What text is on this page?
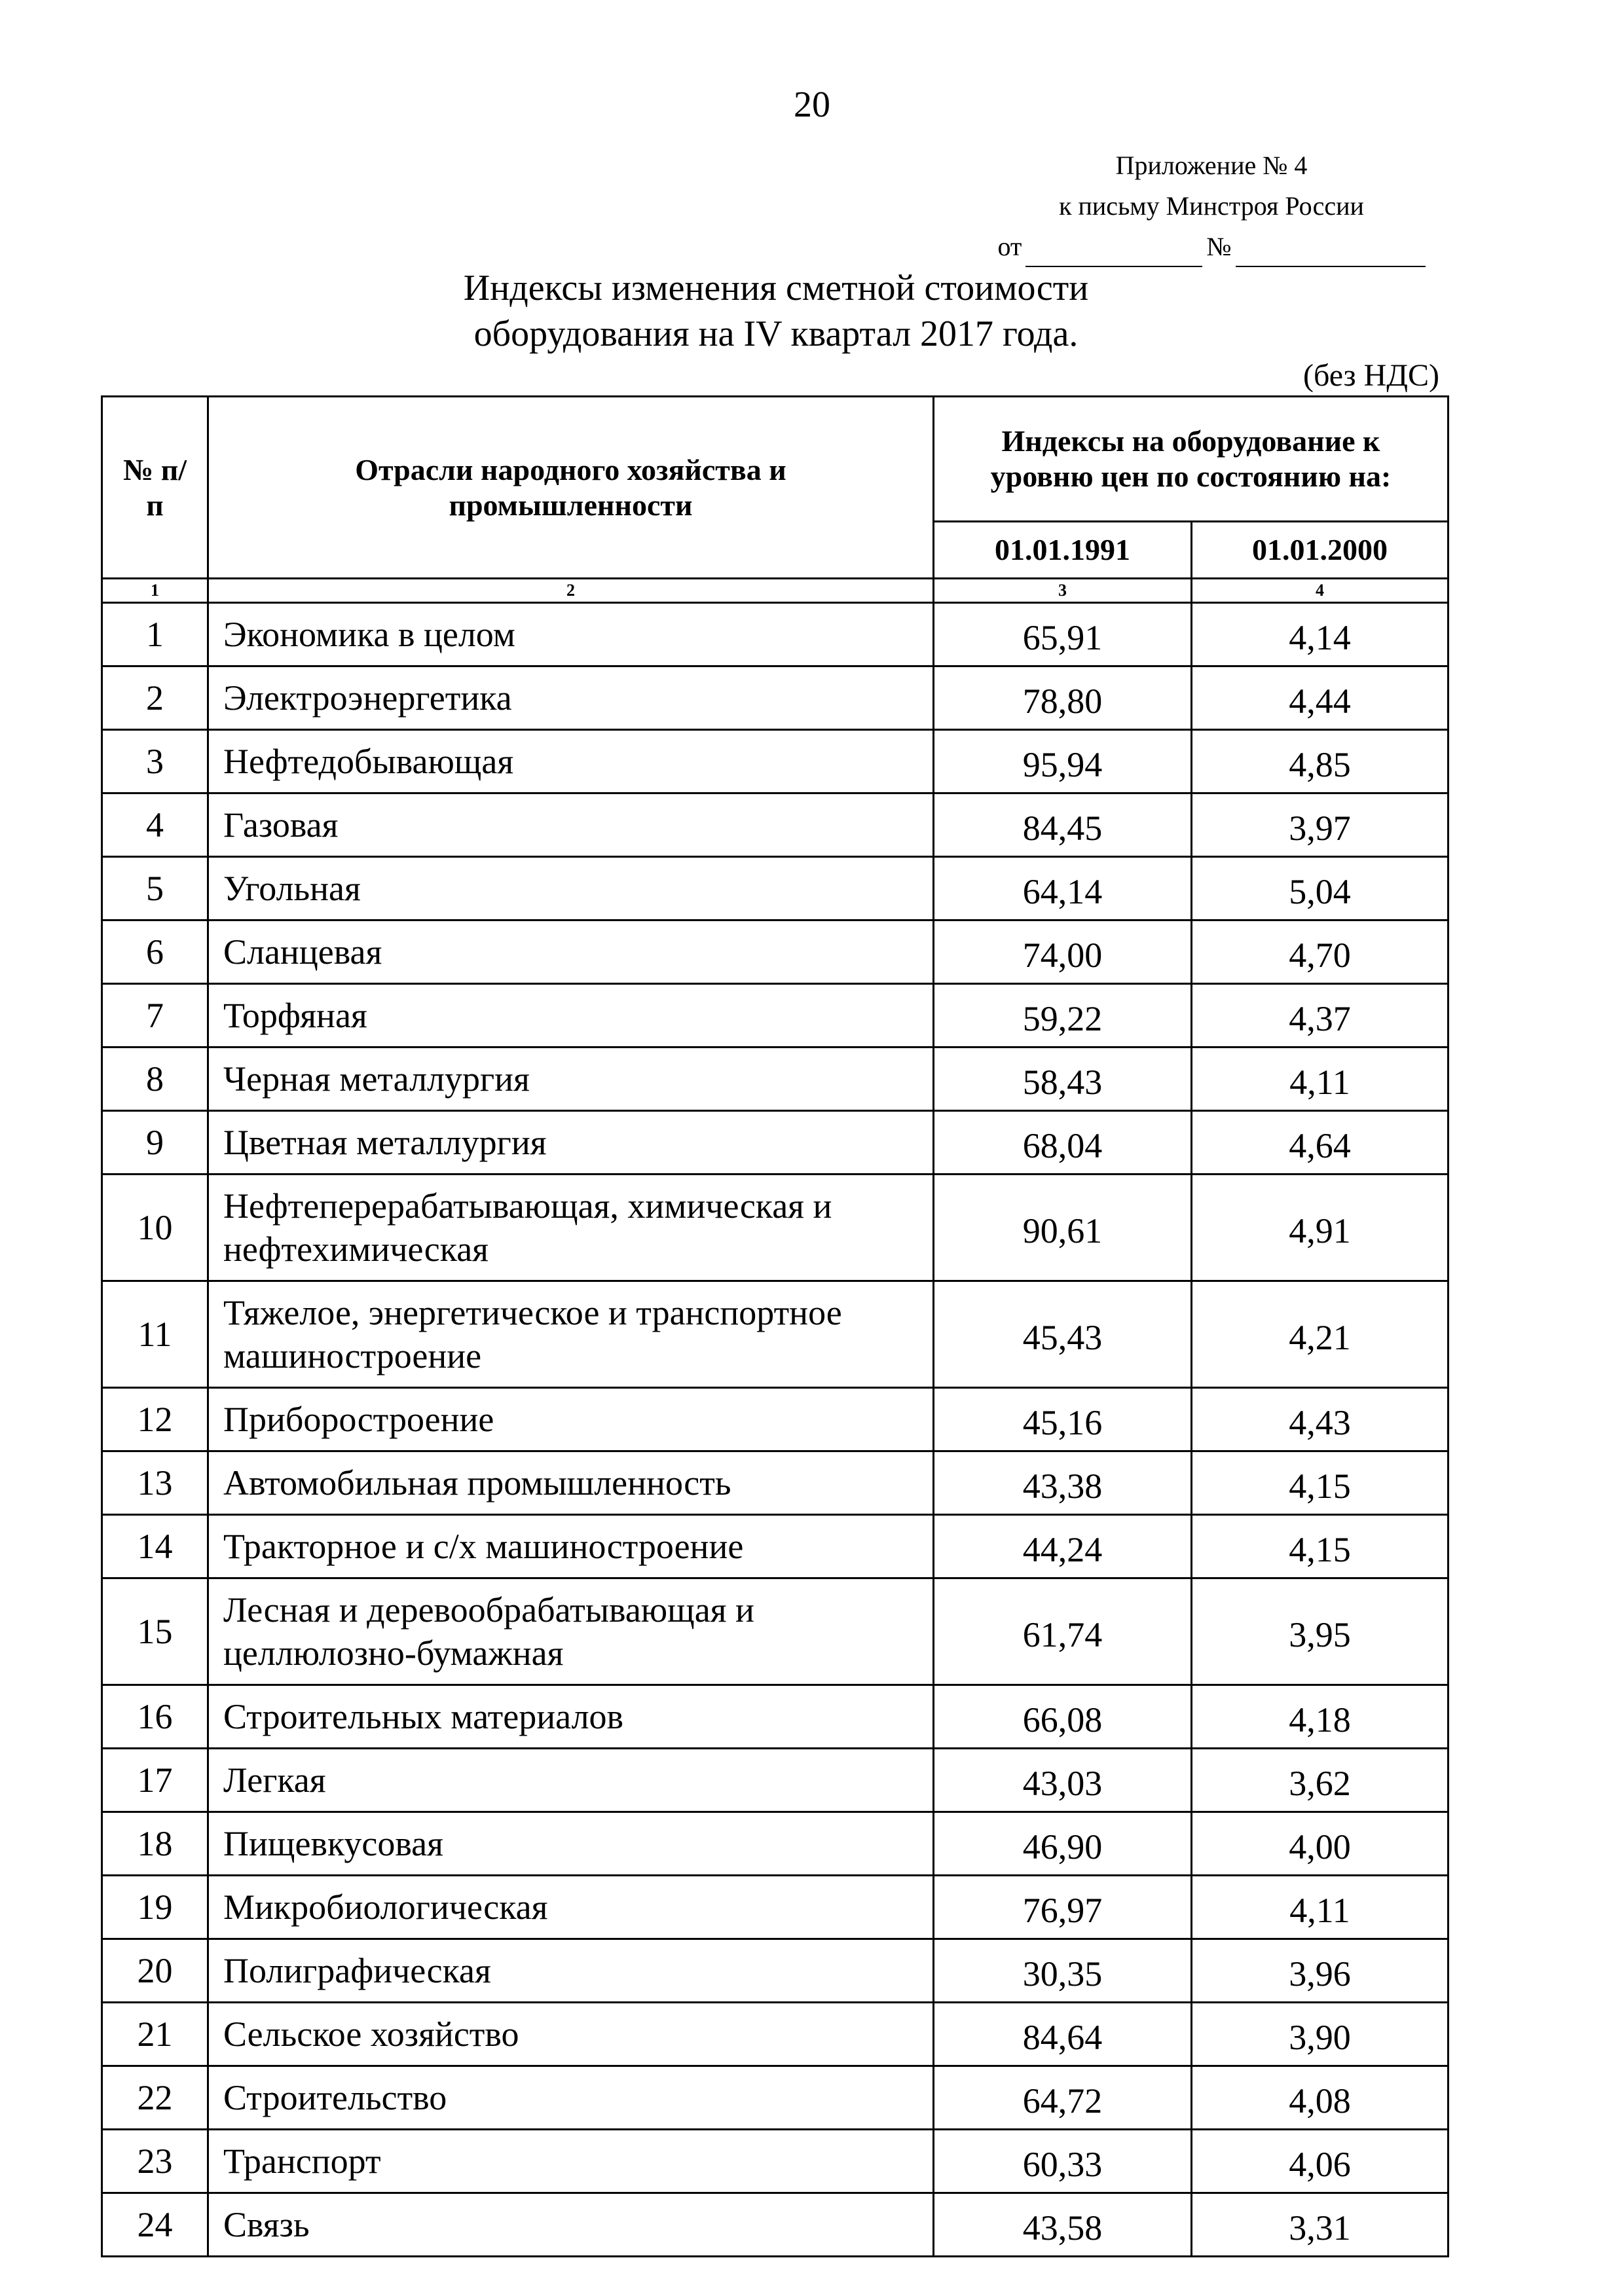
20
Приложение № 4
к письму Минстроя России
от	№
Индексы изменения сметной стоимости
оборудования на IV квартал 2017 года.
(без НДС)
№ п/п	Отрасли народного хозяйства и промышленности	Индексы на оборудование к уровню цен по состоянию на:	

		01.01.1991	01.01.2000
1	2	3	4
1	Экономика в целом	65,91	4,14
2	Электроэнергетика	78,80	4,44
3	Нефтедобывающая	95,94	4,85
4	Газовая	84,45	3,97
5	Угольная	64,14	5,04
6	Сланцевая	74,00	4,70
7	Торфяная	59,22	4,37
8	Черная металлургия	58,43	4,11
9	Цветная металлургия	68,04	4,64
10	Нефтеперерабатывающая, химическая и нефтехимическая	90,61	4,91
11	Тяжелое, энергетическое и транспортное машиностроение	45,43	4,21
12	Приборостроение	45,16	4,43
13	Автомобильная промышленность	43,38	4,15
14	Тракторное и с/х машиностроение	44,24	4,15
15	Лесная и деревообрабатывающая и целлюлозно-бумажная	61,74	3,95
16	Строительных материалов	66,08	4,18
17	Легкая	43,03	3,62
18	Пищевкусовая	46,90	4,00
19	Микробиологическая	76,97	4,11
20	Полиграфическая	30,35	3,96
21	Сельское хозяйство	84,64	3,90
22	Строительство	64,72	4,08
23	Транспорт	60,33	4,06
24	Связь	43,58	3,31
